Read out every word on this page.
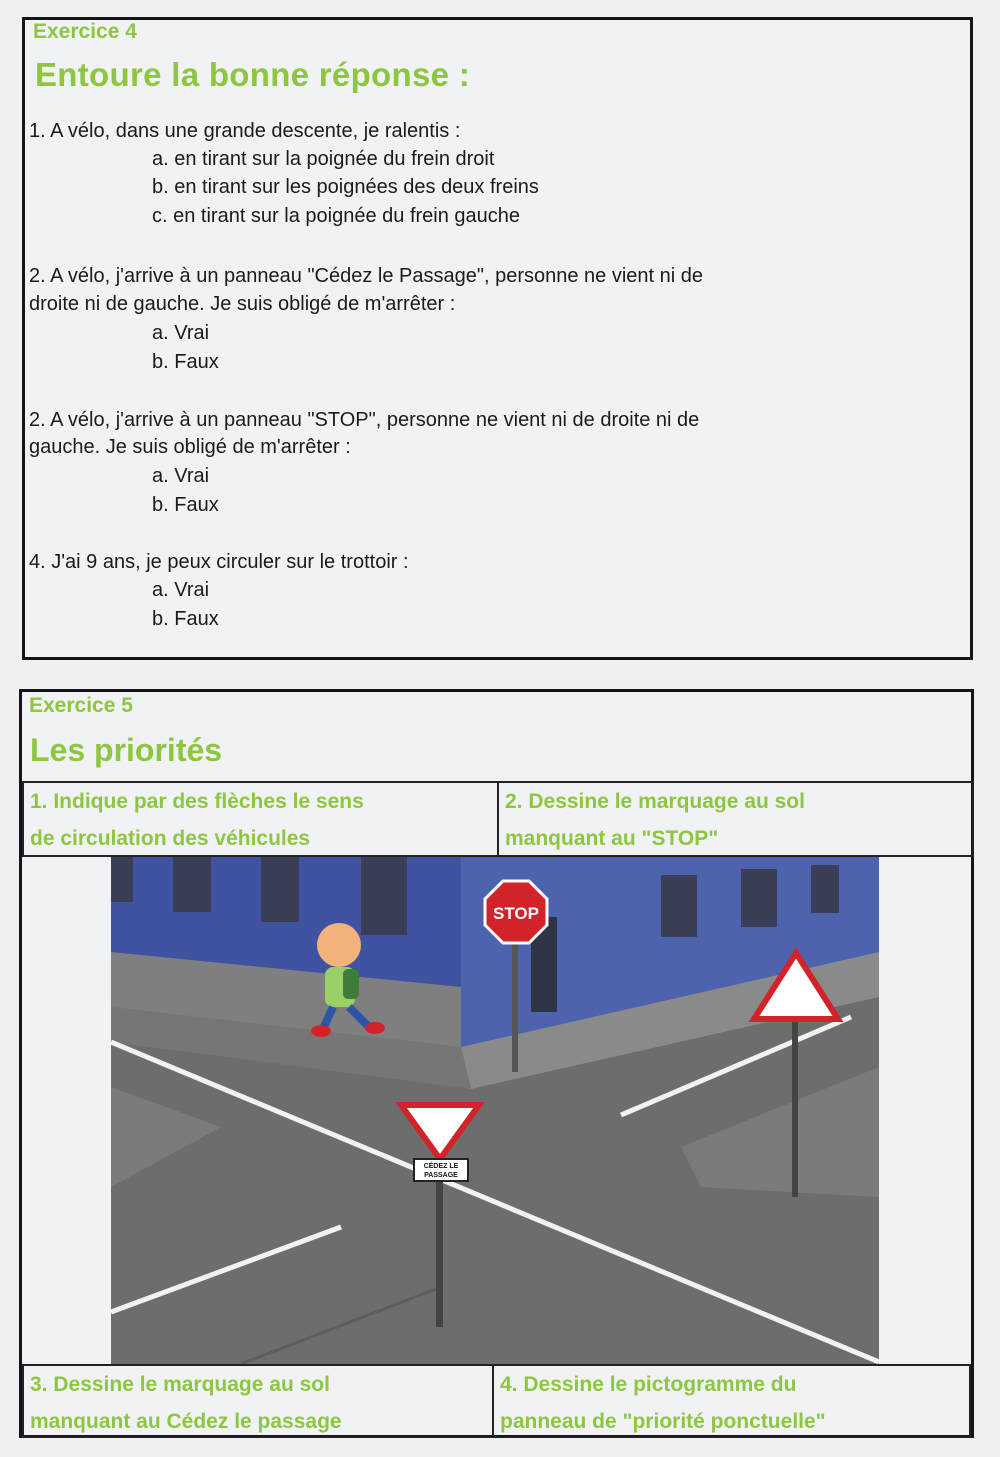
Exercice 4
Entoure la bonne réponse :
1. A vélo, dans une grande descente, je ralentis :
a. en tirant sur la poignée du frein droit
b. en tirant sur les poignées des deux freins
c. en tirant sur la poignée du frein gauche
2. A vélo, j'arrive à un panneau "Cédez le Passage", personne ne vient ni de
droite ni de gauche. Je suis obligé de m'arrêter :
a. Vrai
b. Faux
2. A vélo, j'arrive à un panneau "STOP", personne ne vient ni de droite ni de
gauche. Je suis obligé de m'arrêter :
a. Vrai
b. Faux
4. J'ai 9 ans, je peux circuler sur le trottoir :
a. Vrai
b. Faux
Exercice 5
Les priorités
1. Indique par des flèches le sens
de circulation des véhicules
2. Dessine le marquage au sol
manquant au "STOP"
STOP
CÉDEZ LE
PASSAGE
3. Dessine le marquage au sol
manquant au Cédez le passage
4. Dessine le pictogramme du
panneau de "priorité ponctuelle"
